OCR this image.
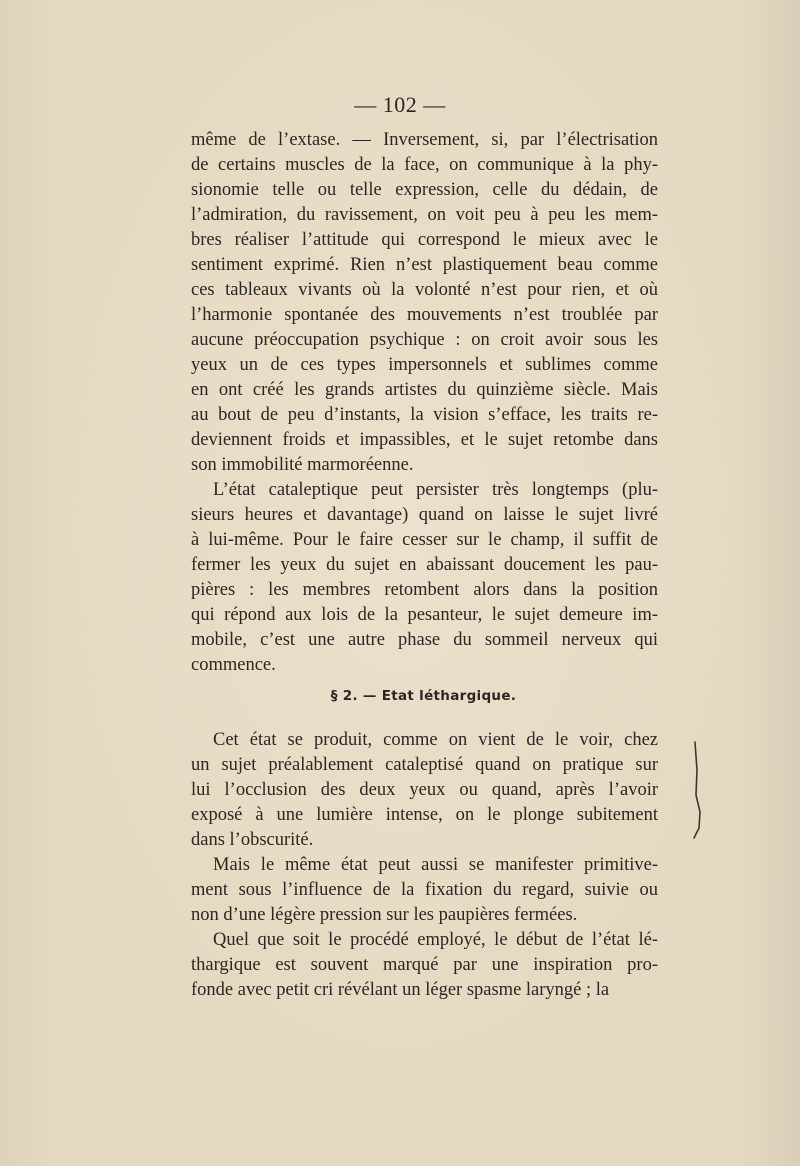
— 102 —
même de l’extase. — Inversement, si, par l’électrisation
de certains muscles de la face, on communique à la phy-
sionomie telle ou telle expression, celle du dédain, de
l’admiration, du ravissement, on voit peu à peu les mem-
bres réaliser l’attitude qui correspond le mieux avec le
sentiment exprimé. Rien n’est plastiquement beau comme
ces tableaux vivants où la volonté n’est pour rien, et où
l’harmonie spontanée des mouvements n’est troublée par
aucune préoccupation psychique : on croit avoir sous les
yeux un de ces types impersonnels et sublimes comme
en ont créé les grands artistes du quinzième siècle. Mais
au bout de peu d’instants, la vision s’efface, les traits re-
deviennent froids et impassibles, et le sujet retombe dans
son immobilité marmoréenne.
L’état cataleptique peut persister très longtemps (plu-
sieurs heures et davantage) quand on laisse le sujet livré
à lui-même. Pour le faire cesser sur le champ, il suffit de
fermer les yeux du sujet en abaissant doucement les pau-
pières : les membres retombent alors dans la position
qui répond aux lois de la pesanteur, le sujet demeure im-
mobile, c’est une autre phase du sommeil nerveux qui
commence.
§ 2. — Etat léthargique.
Cet état se produit, comme on vient de le voir, chez
un sujet préalablement cataleptisé quand on pratique sur
lui l’occlusion des deux yeux ou quand, après l’avoir
exposé à une lumière intense, on le plonge subitement
dans l’obscurité.
Mais le même état peut aussi se manifester primitive-
ment sous l’influence de la fixation du regard, suivie ou
non d’une légère pression sur les paupières fermées.
Quel que soit le procédé employé, le début de l’état lé-
thargique est souvent marqué par une inspiration pro-
fonde avec petit cri révélant un léger spasme laryngé ; la
